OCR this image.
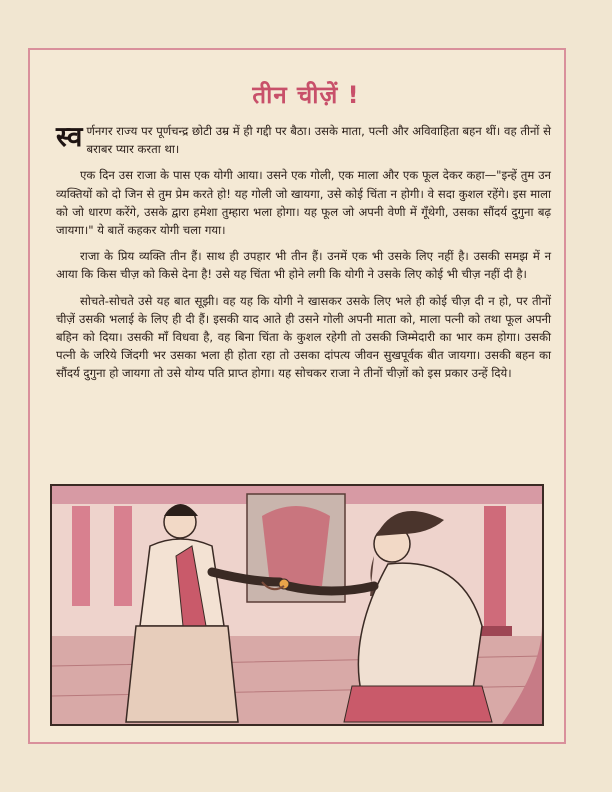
तीन चीज़ें !

स्व र्णनगर राज्य पर पूर्णचन्द्र छोटी उम्र में ही गद्दी पर बैठा। उसके माता, पत्नी और अविवाहिता बहन थीं। वह तीनों से बराबर प्यार करता था।

एक दिन उस राजा के पास एक योगी आया। उसने एक गोली, एक माला और एक फूल देकर कहा—"इन्हें तुम उन व्यक्तियों को दो जिन से तुम प्रेम करते हो! यह गोली जो खायगा, उसे कोई चिंता न होगी। वे सदा कुशल रहेंगे। इस माला को जो धारण करेंगे, उसके द्वारा हमेशा तुम्हारा भला होगा। यह फूल जो अपनी वेणी में गूँथेगी, उसका सौंदर्य दुगुना बढ़ जायगा।" ये बातें कहकर योगी चला गया।

राजा के प्रिय व्यक्ति तीन हैं। साथ ही उपहार भी तीन हैं। उनमें एक भी उसके लिए नहीं है। उसकी समझ में न आया कि किस चीज़ को किसे देना है! उसे यह चिंता भी होने लगी कि योगी ने उसके लिए कोई भी चीज़ नहीं दी है।

सोचते-सोचते उसे यह बात सूझी। वह यह कि योगी ने खासकर उसके लिए भले ही कोई चीज़ दी न हो, पर तीनों चीज़ें उसकी भलाई के लिए ही दी हैं। इसकी याद आते ही उसने गोली अपनी माता को, माला पत्नी को तथा फूल अपनी बहिन को दिया। उसकी माँ विधवा है, वह बिना चिंता के कुशल रहेगी तो उसकी जिम्मेदारी का भार कम होगा। उसकी पत्नी के जरिये जिंदगी भर उसका भला ही होता रहा तो उसका दांपत्य जीवन सुखपूर्वक बीत जायगा। उसकी बहन का सौंदर्य दुगुना हो जायगा तो उसे योग्य पति प्राप्त होगा। यह सोचकर राजा ने तीनों चीज़ों को इस प्रकार उन्हें दिये।
